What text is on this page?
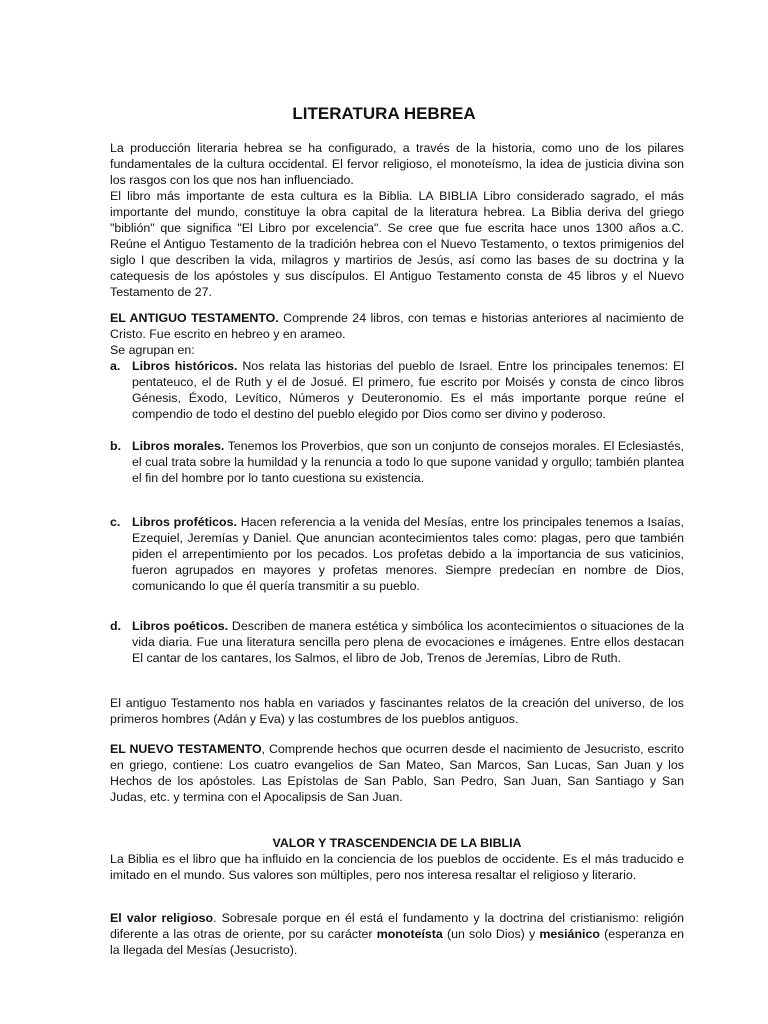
LITERATURA HEBREA

La producción literaria hebrea se ha configurado, a través de la historia, como uno de los pilares fundamentales de la cultura occidental. El fervor religioso, el monoteísmo, la idea de justicia divina son los rasgos con los que nos han influenciado.

El libro más importante de esta cultura es la Biblia. LA BIBLIA Libro considerado sagrado, el más importante del mundo, constituye la obra capital de la literatura hebrea. La Biblia deriva del griego "biblión" que significa "El Libro por excelencia". Se cree que fue escrita hace unos 1300 años a.C. Reúne el Antiguo Testamento de la tradición hebrea con el Nuevo Testamento, o textos primigenios del siglo I que describen la vida, milagros y martirios de Jesús, así como las bases de su doctrina y la catequesis de los apóstoles y sus discípulos. El Antiguo Testamento consta de 45 libros y el Nuevo Testamento de 27.

EL ANTIGUO TESTAMENTO. Comprende 24 libros, con temas e historias anteriores al nacimiento de Cristo. Fue escrito en hebreo y en arameo.

Se agrupan en:

a. Libros históricos. Nos relata las historias del pueblo de Israel. Entre los principales tenemos: El pentateuco, el de Ruth y el de Josué. El primero, fue escrito por Moisés y consta de cinco libros Génesis, Éxodo, Levítico, Números y Deuteronomio. Es el más importante porque reúne el compendio de todo el destino del pueblo elegido por Dios como ser divino y poderoso.

b. Libros morales. Tenemos los Proverbios, que son un conjunto de consejos morales. El Eclesiastés, el cual trata sobre la humildad y la renuncia a todo lo que supone vanidad y orgullo; también plantea el fin del hombre por lo tanto cuestiona su existencia.

c. Libros proféticos. Hacen referencia a la venida del Mesías, entre los principales tenemos a Isaías, Ezequiel, Jeremías y Daniel. Que anuncian acontecimientos tales como: plagas, pero que también piden el arrepentimiento por los pecados. Los profetas debido a la importancia de sus vaticinios, fueron agrupados en mayores y profetas menores. Siempre predecían en nombre de Dios, comunicando lo que él quería transmitir a su pueblo.

d. Libros poéticos. Describen de manera estética y simbólica los acontecimientos o situaciones de la vida diaria. Fue una literatura sencilla pero plena de evocaciones e imágenes. Entre ellos destacan El cantar de los cantares, los Salmos, el libro de Job, Trenos de Jeremías, Libro de Ruth.

El antiguo Testamento nos habla en variados y fascinantes relatos de la creación del universo, de los primeros hombres (Adán y Eva) y las costumbres de los pueblos antiguos.

EL NUEVO TESTAMENTO, Comprende hechos que ocurren desde el nacimiento de Jesucristo, escrito en griego, contiene: Los cuatro evangelios de San Mateo, San Marcos, San Lucas, San Juan y los Hechos de los apóstoles. Las Epístolas de San Pablo, San Pedro, San Juan, San Santiago y San Judas, etc. y termina con el Apocalipsis de San Juan.

VALOR Y TRASCENDENCIA DE LA BIBLIA

La Biblia es el libro que ha influido en la conciencia de los pueblos de occidente. Es el más traducido e imitado en el mundo. Sus valores son múltiples, pero nos interesa resaltar el religioso y literario.

El valor religioso. Sobresale porque en él está el fundamento y la doctrina del cristianismo: religión diferente a las otras de oriente, por su carácter monoteísta (un solo Dios) y mesiánico (esperanza en la llegada del Mesías (Jesucristo).
